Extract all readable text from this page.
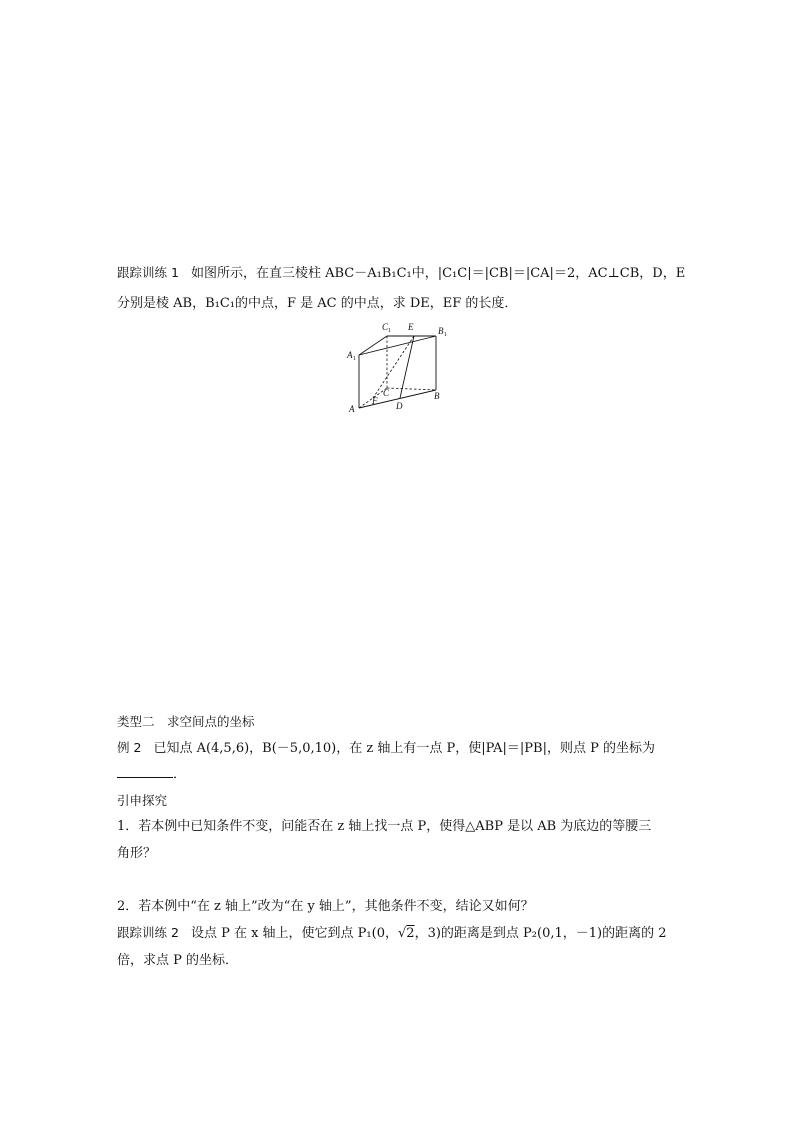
跟踪训练 1 如图所示，在直三棱柱 ABC－A₁B₁C₁中，|C₁C|＝|CB|＝|CA|＝2，AC⊥CB，D，E
分别是棱 AB，B₁C₁的中点，F 是 AC 的中点，求 DE，EF 的长度．
C 1 E	B 1
A 1
C
F
A	D
B
类型二　求空间点的坐标
例 2 已知点 A(4,5,6)，B(－5,0,10)，在 z 轴上有一点 P，使|PA|＝|PB|，则点 P 的坐标为
．
引申探究
1．若本例中已知条件不变，问能否在 z 轴上找一点 P，使得△ABP 是以 AB 为底边的等腰三
角形？
2．若本例中“在 z 轴上”改为“在 y 轴上”，其他条件不变，结论又如何？
跟踪训练 2 设点 P 在 x 轴上，使它到点 P₁(0，√2，3)的距离是到点 P₂(0,1，－1)的距离的 2
倍，求点 P 的坐标．
